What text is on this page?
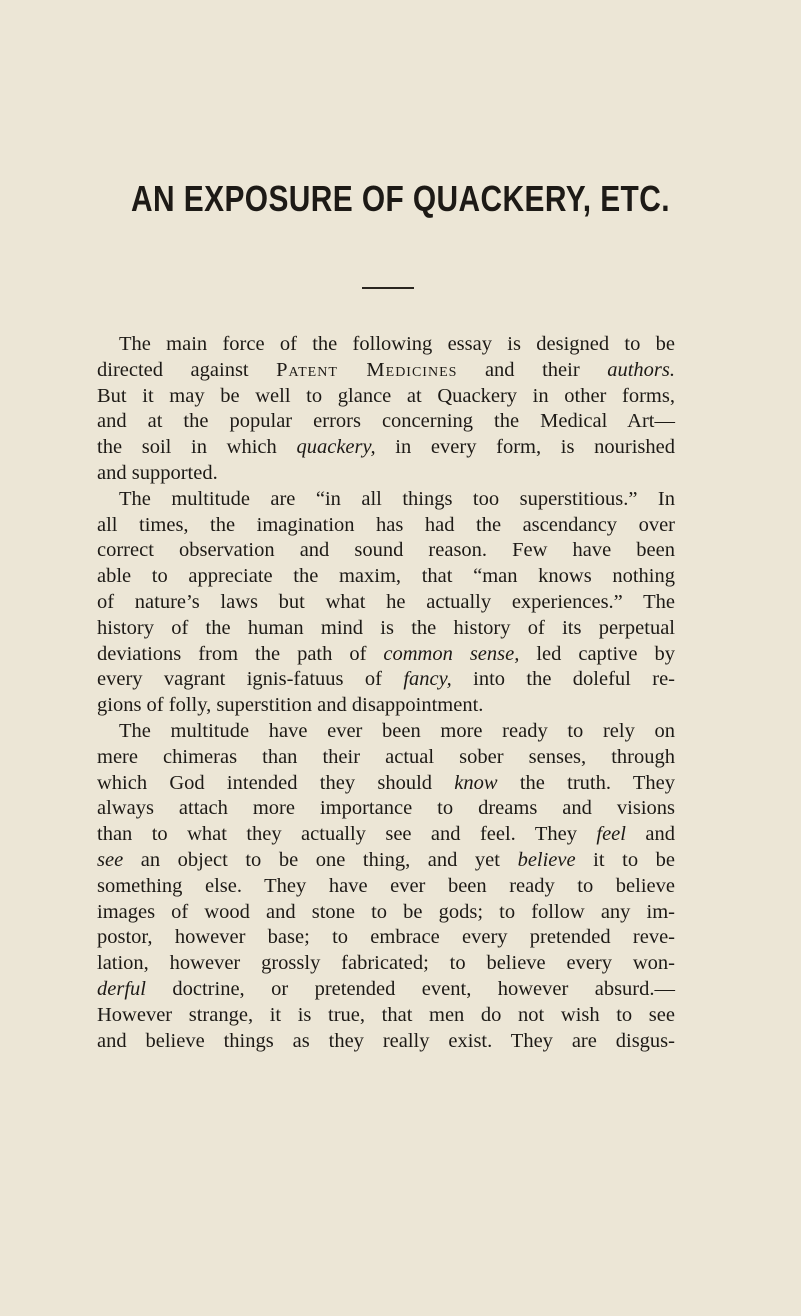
AN EXPOSURE OF QUACKERY, ETC.
The main force of the following essay is designed to be
directed against Patent Medicines and their authors.
But it may be well to glance at Quackery in other forms,
and at the popular errors concerning the Medical Art—
the soil in which quackery, in every form, is nourished
and supported.
The multitude are “in all things too superstitious.” In
all times, the imagination has had the ascendancy over
correct observation and sound reason. Few have been
able to appreciate the maxim, that “man knows nothing
of nature’s laws but what he actually experiences.” The
history of the human mind is the history of its perpetual
deviations from the path of common sense, led captive by
every vagrant ignis-fatuus of fancy, into the doleful re-
gions of folly, superstition and disappointment.
The multitude have ever been more ready to rely on
mere chimeras than their actual sober senses, through
which God intended they should know the truth. They
always attach more importance to dreams and visions
than to what they actually see and feel. They feel and
see an object to be one thing, and yet believe it to be
something else. They have ever been ready to believe
images of wood and stone to be gods; to follow any im-
postor, however base; to embrace every pretended reve-
lation, however grossly fabricated; to believe every won-
derful doctrine, or pretended event, however absurd.—
However strange, it is true, that men do not wish to see
and believe things as they really exist. They are disgus-
